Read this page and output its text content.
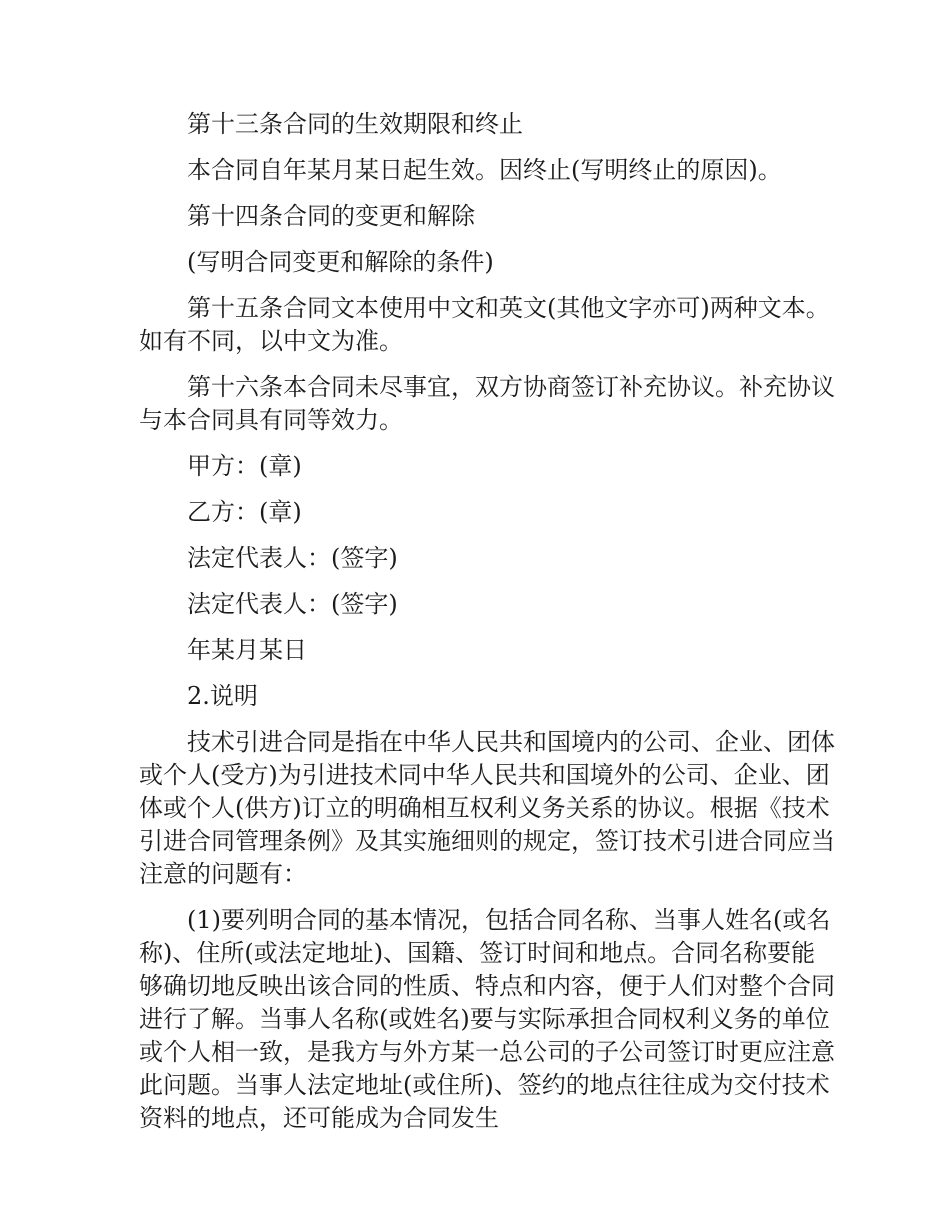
第十三条合同的生效期限和终止

本合同自年某月某日起生效。因终止(写明终止的原因)。

第十四条合同的变更和解除

(写明合同变更和解除的条件)

第十五条合同文本使用中文和英文(其他文字亦可)两种文本。如有不同，以中文为准。

第十六条本合同未尽事宜，双方协商签订补充协议。补充协议与本合同具有同等效力。

甲方：(章)

乙方：(章)

法定代表人：(签字)

法定代表人：(签字)

年某月某日

2.说明

技术引进合同是指在中华人民共和国境内的公司、企业、团体或个人(受方)为引进技术同中华人民共和国境外的公司、企业、团体或个人(供方)订立的明确相互权利义务关系的协议。根据《技术引进合同管理条例》及其实施细则的规定，签订技术引进合同应当注意的问题有：

(1)要列明合同的基本情况，包括合同名称、当事人姓名(或名称)、住所(或法定地址)、国籍、签订时间和地点。合同名称要能够确切地反映出该合同的性质、特点和内容，便于人们对整个合同进行了解。当事人名称(或姓名)要与实际承担合同权利义务的单位或个人相一致，是我方与外方某一总公司的子公司签订时更应注意此问题。当事人法定地址(或住所)、签约的地点往往成为交付技术资料的地点，还可能成为合同发生
